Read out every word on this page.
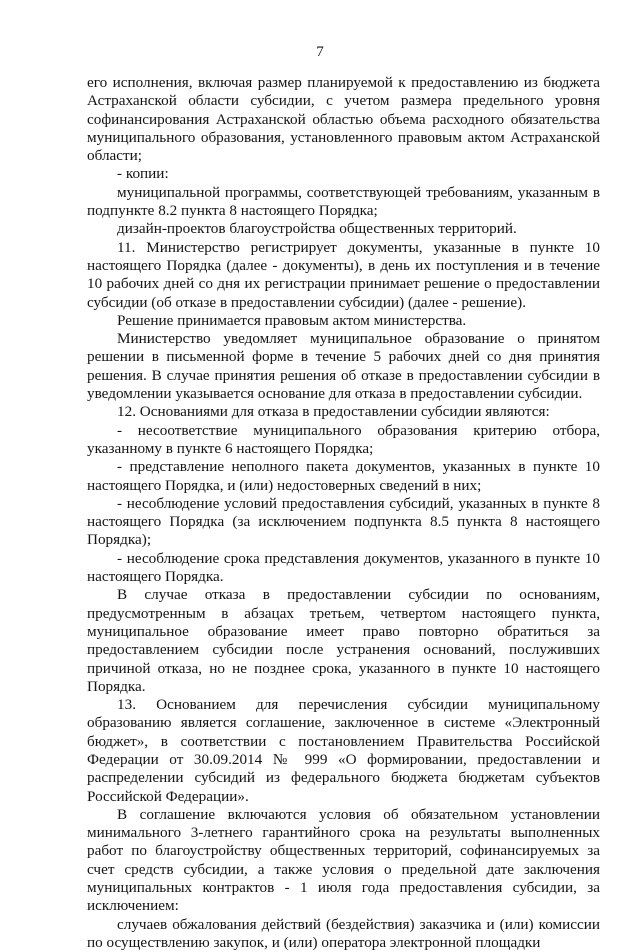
7

его исполнения, включая размер планируемой к предоставлению из бюджета Астраханской области субсидии, с учетом размера предельного уровня софинансирования Астраханской областью объема расходного обязательства муниципального образования, установленного правовым актом Астраханской области;

- копии:

муниципальной программы, соответствующей требованиям, указанным в подпункте 8.2 пункта 8 настоящего Порядка;

дизайн-проектов благоустройства общественных территорий.

11. Министерство регистрирует документы, указанные в пункте 10 настоящего Порядка (далее - документы), в день их поступления и в течение 10 рабочих дней со дня их регистрации принимает решение о предоставлении субсидии (об отказе в предоставлении субсидии) (далее - решение).

Решение принимается правовым актом министерства.

Министерство уведомляет муниципальное образование о принятом решении в письменной форме в течение 5 рабочих дней со дня принятия решения. В случае принятия решения об отказе в предоставлении субсидии в уведомлении указывается основание для отказа в предоставлении субсидии.

12. Основаниями для отказа в предоставлении субсидии являются:

- несоответствие муниципального образования критерию отбора, указанному в пункте 6 настоящего Порядка;

- представление неполного пакета документов, указанных в пункте 10 настоящего Порядка, и (или) недостоверных сведений в них;

- несоблюдение условий предоставления субсидий, указанных в пункте 8 настоящего Порядка (за исключением подпункта 8.5 пункта 8 настоящего Порядка);

- несоблюдение срока представления документов, указанного в пункте 10 настоящего Порядка.

В случае отказа в предоставлении субсидии по основаниям, предусмотренным в абзацах третьем, четвертом настоящего пункта, муниципальное образование имеет право повторно обратиться за предоставлением субсидии после устранения оснований, послуживших причиной отказа, но не позднее срока, указанного в пункте 10 настоящего Порядка.

13. Основанием для перечисления субсидии муниципальному образованию является соглашение, заключенное в системе «Электронный бюджет», в соответствии с постановлением Правительства Российской Федерации от 30.09.2014 № 999 «О формировании, предоставлении и распределении субсидий из федерального бюджета бюджетам субъектов Российской Федерации».

В соглашение включаются условия об обязательном установлении минимального 3-летнего гарантийного срока на результаты выполненных работ по благоустройству общественных территорий, софинансируемых за счет средств субсидии, а также условия о предельной дате заключения муниципальных контрактов - 1 июля года предоставления субсидии, за исключением:

случаев обжалования действий (бездействия) заказчика и (или) комиссии по осуществлению закупок, и (или) оператора электронной площадки
